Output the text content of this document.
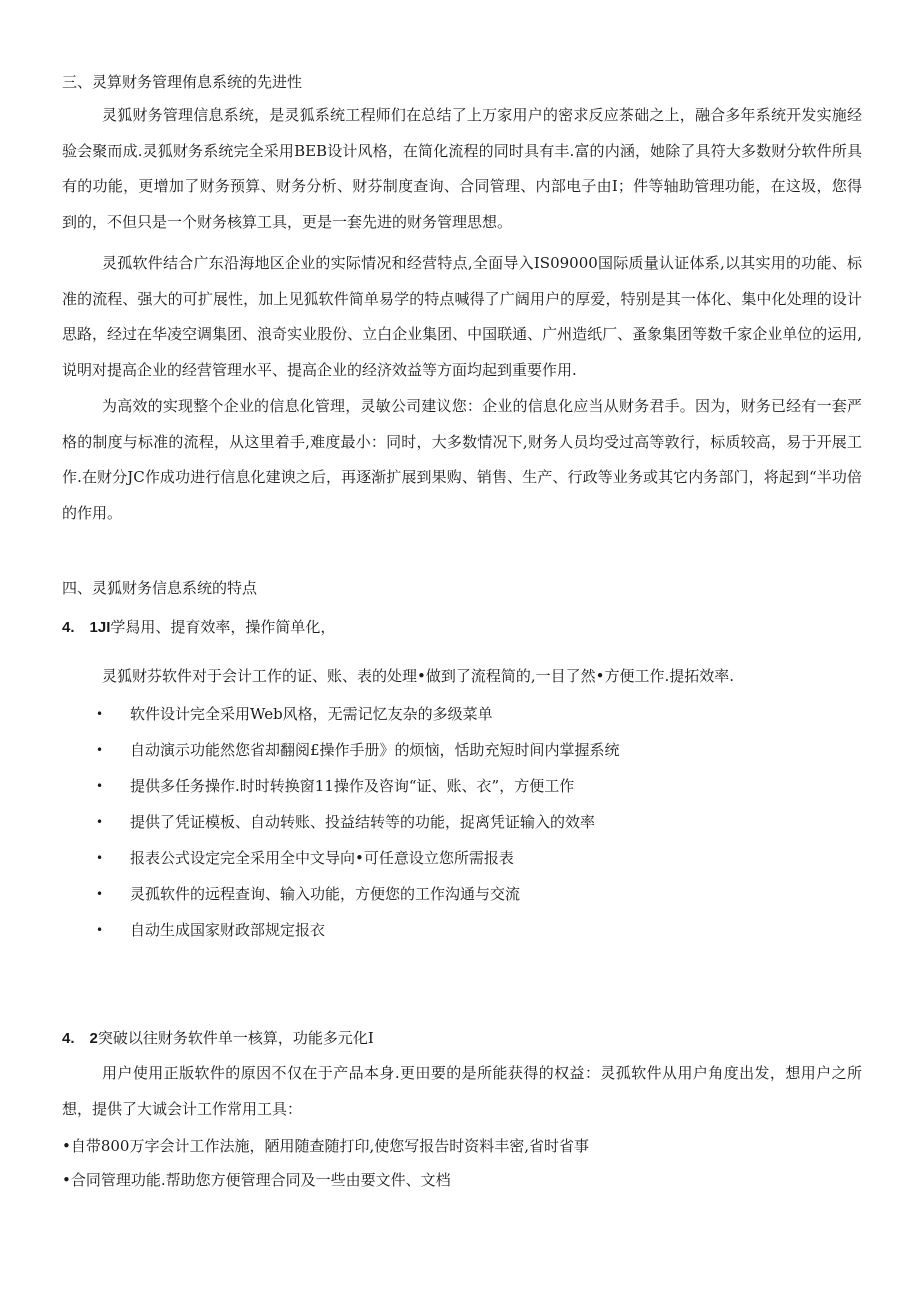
三、灵算财务管理侑息系统的先进性

灵狐财务管理信息系统，是灵狐系统工程师们在总结了上万家用户的密求反应茶础之上，融合多年系统开发实施经验会聚而成.灵狐财务系统完全采用BEB设计风格，在简化流程的同时具有丰.富的内涵，她除了具符大多数财分软件所具有的功能，更增加了财务预算、财务分析、财芬制度查询、合同管理、内部电子由I；件等轴助管理功能，在这圾，您得到的，不但只是一个财务核算工具，更是一套先进的财务管理思想。

灵孤软件结合广东沿海地区企业的实际情况和经营特点,全面导入IS09000国际质量认证体系,以其实用的功能、标准的流程、强大的可扩展性，加上见狐软件简单易学的特点喊得了广阔用户的厚爱，特别是其一体化、集中化处理的设计思路，经过在华凌空调集团、浪奇实业股份、立白企业集团、中国联通、广州造纸厂、蚤象集团等数千家企业单位的运用,说明对提高企业的经营管理水平、提高企业的经济效益等方面均起到重要作用.

为高效的实现整个企业的信息化管理，灵敏公司建议您：企业的信息化应当从财务君手。因为，财务已经有一套严格的制度与标准的流程，从这里着手,难度最小：同时，大多数情况下,财务人员均受过高等敦行，标质较高，易于开展工作.在财分JC作成功进行信息化建谀之后，再逐渐扩展到果购、销售、生产、行政等业务或其它内务部门，将起到“半功倍的作用。

四、灵狐财务信息系统的特点
4.　1JI学舄用、提育效率，操作简单化，

灵狐财芬软件对于会计工作的证、账、表的处理•做到了流程简的,一目了然•方便工作.提拓效率.

• 软件设计完全采用Web风格，无需记忆友杂的多级菜单
• 自动演示功能然您省却翻阅£操作手册》的烦恼，恬助充短时间内掌握系统
• 提供多任务操作.时时转换窗11操作及咨询“证、账、衣”，方便工作
• 提供了凭证模板、自动转账、投益结转等的功能，捉离凭证输入的效率
• 报表公式设定完全采用全中文导向•可任意设立您所需报表
• 灵孤软件的远程查询、输入功能，方便您的工作沟通与交流
• 自动生成国家财政部规定报衣
4.　2突破以往财务软件单一核算，功能多元化I

用户使用正版软件的原因不仅在于产品本身.更田要的是所能获得的权益：灵孤软件从用户角度出发，想用户之所想，提供了大诚会计工作常用工具：

•自带800万字会计工作法施，陋用随查随打印,使您写报告时资料丰密,省时省事
•合同管理功能.帮助您方便管理合同及一些由要文件、文档
